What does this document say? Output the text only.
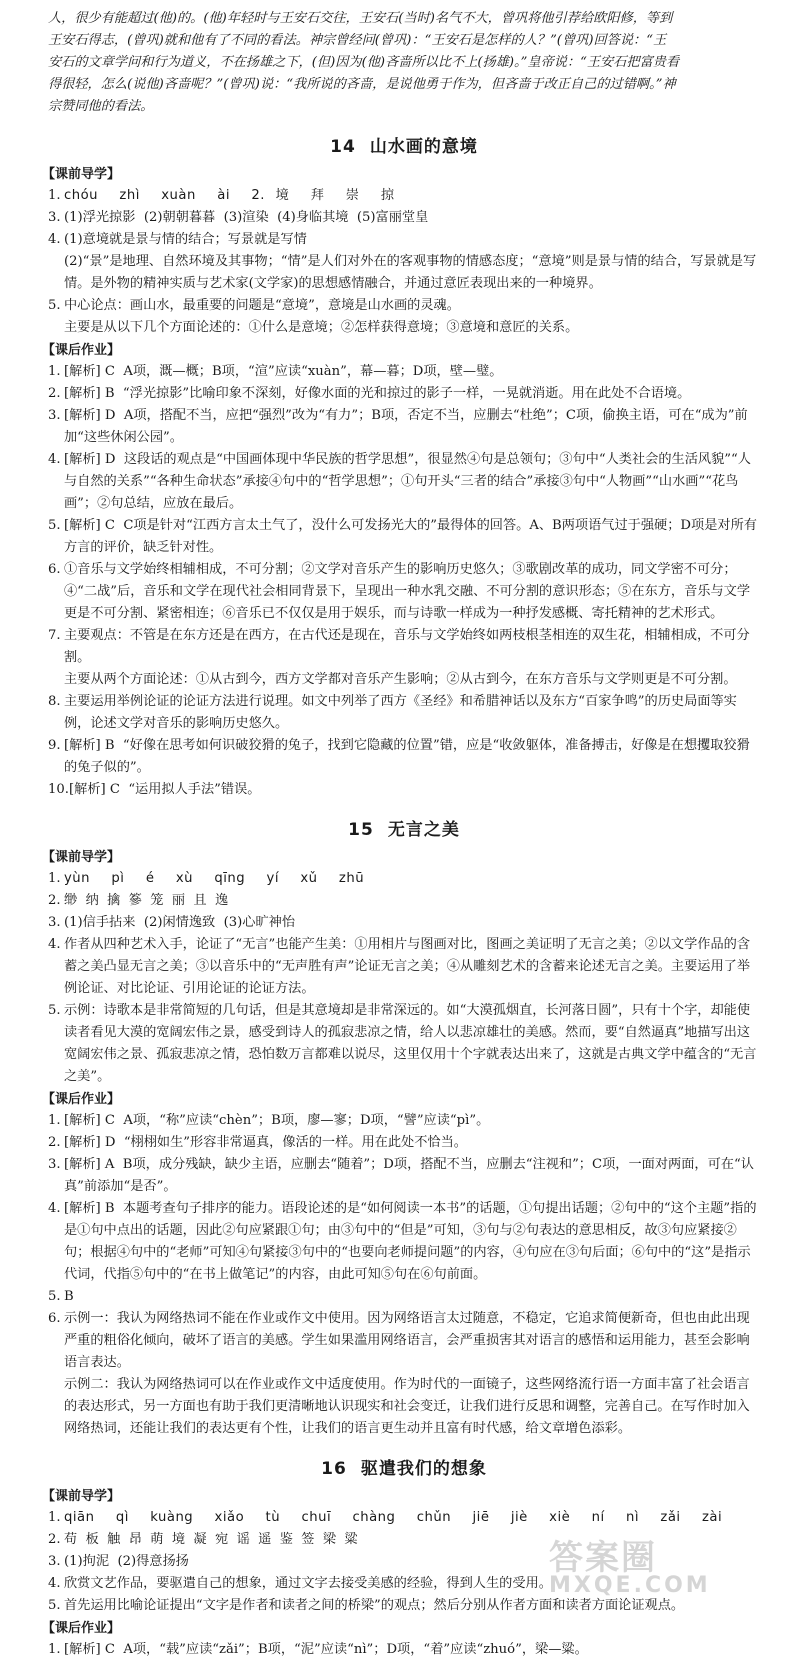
人，很少有能超过(他)的。(他)年轻时与王安石交往，王安石(当时)名气不大，曾巩将他引荐给欧阳修，等到

王安石得志，(曾巩)就和他有了不同的看法。神宗曾经问(曾巩)：“王安石是怎样的人？”(曾巩)回答说：“王

安石的文章学问和行为道义，不在扬雄之下，(但)因为(他)吝啬所以比不上(扬雄)。”皇帝说：“王安石把富贵看

得很轻，怎么(说他)吝啬呢？”(曾巩)说：“我所说的吝啬，是说他勇于作为，但吝啬于改正自己的过错啊。”神

宗赞同他的看法。

14 山水画的意境
【课前导学】
1. chóu  zhì  xuàn  ài  2. 境  拜  崇  掠
3. (1)浮光掠影  (2)朝朝暮暮  (3)渲染  (4)身临其境  (5)富丽堂皇
4. (1)意境就是景与情的结合；写景就是写情
(2)“景”是地理、自然环境及其事物；“情”是人们对外在的客观事物的情感态度；“意境”则是景与情的结合，写景就是写情。是外物的精神实质与艺术家(文学家)的思想感情融合，并通过意匠表现出来的一种境界。
5. 中心论点：画山水，最重要的问题是“意境”，意境是山水画的灵魂。
主要是从以下几个方面论述的：①什么是意境；②怎样获得意境；③意境和意匠的关系。
【课后作业】
1. [解析] C  A项，溉—概；B项，“渲”应读“xuàn”，幕—暮；D项，壁—璧。
2. [解析] B  “浮光掠影”比喻印象不深刻，好像水面的光和掠过的影子一样，一晃就消逝。用在此处不合语境。
3. [解析] D  A项，搭配不当，应把“强烈”改为“有力”；B项，否定不当，应删去“杜绝”；C项，偷换主语，可在“成为”前加“这些休闲公园”。
4. [解析] D  这段话的观点是“中国画体现中华民族的哲学思想”，很显然④句是总领句；③句中“人类社会的生活风貌”“人与自然的关系”“各种生命状态”承接④句中的“哲学思想”；①句开头“三者的结合”承接③句中“人物画”“山水画”“花鸟画”；②句总结，应放在最后。
5. [解析] C  C项是针对“江西方言太土气了，没什么可发扬光大的”最得体的回答。A、B两项语气过于强硬；D项是对所有方言的评价，缺乏针对性。
6. ①音乐与文学始终相辅相成，不可分割；②文学对音乐产生的影响历史悠久；③歌剧改革的成功，同文学密不可分；④“二战”后，音乐和文学在现代社会相同背景下，呈现出一种水乳交融、不可分割的意识形态；⑤在东方，音乐与文学更是不可分割、紧密相连；⑥音乐已不仅仅是用于娱乐，而与诗歌一样成为一种抒发感概、寄托精神的艺术形式。
7. 主要观点：不管是在东方还是在西方，在古代还是现在，音乐与文学始终如两枝根茎相连的双生花，相辅相成，不可分割。
主要从两个方面论述：①从古到今，西方文学都对音乐产生影响；②从古到今，在东方音乐与文学则更是不可分割。
8. 主要运用举例论证的论证方法进行说理。如文中列举了西方《圣经》和希腊神话以及东方“百家争鸣”的历史局面等实例，论述文学对音乐的影响历史悠久。
9. [解析] B  “好像在思考如何识破狡猾的兔子，找到它隐藏的位置”错，应是“收敛躯体，准备搏击，好像是在想攫取狡猾的兔子似的”。
10. [解析] C  “运用拟人手法”错误。
15 无言之美
【课前导学】
1. yùn  pì  é  xù  qīng  yí  xǔ  zhū
2. 缈  纳  擒  篸  笼  丽  且  逸
3. (1)信手拈来  (2)闲情逸致  (3)心旷神怡
4. 作者从四种艺术入手，论证了“无言”也能产生美：①用相片与图画对比，图画之美证明了无言之美；②以文学作品的含蓄之美凸显无言之美；③以音乐中的“无声胜有声”论证无言之美；④从雕刻艺术的含蓄来论述无言之美。主要运用了举例论证、对比论证、引用论证的论证方法。
5. 示例：诗歌本是非常简短的几句话，但是其意境却是非常深远的。如“大漠孤烟直，长河落日圆”，只有十个字，却能使读者看见大漠的宽阔宏伟之景，感受到诗人的孤寂悲凉之情，给人以悲凉雄壮的美感。然而，要“自然逼真”地描写出这宽阔宏伟之景、孤寂悲凉之情，恐怕数万言都难以说尽，这里仅用十个字就表达出来了，这就是古典文学中蕴含的“无言之美”。
【课后作业】
1. [解析] C  A项，“称”应读“chèn”；B项，廖—寥；D项，“譬”应读“pì”。
2. [解析] D  “栩栩如生”形容非常逼真，像活的一样。用在此处不恰当。
3. [解析] A  B项，成分残缺，缺少主语，应删去“随着”；D项，搭配不当，应删去“注视和”；C项，一面对两面，可在“认真”前添加“是否”。
4. [解析] B  本题考查句子排序的能力。语段论述的是“如何阅读一本书”的话题，①句提出话题；②句中的“这个主题”指的是①句中点出的话题，因此②句应紧跟①句；由③句中的“但是”可知，③句与②句表达的意思相反，故③句应紧接②句；根据④句中的“老师”可知④句紧接③句中的“也要向老师提问题”的内容，④句应在③句后面；⑥句中的“这”是指示代词，代指⑤句中的“在书上做笔记”的内容，由此可知⑤句在⑥句前面。
5. B
6. 示例一：我认为网络热词不能在作业或作文中使用。因为网络语言太过随意，不稳定，它追求简便新奇，但也由此出现严重的粗俗化倾向，破坏了语言的美感。学生如果滥用网络语言，会严重损害其对语言的感悟和运用能力，甚至会影响语言表达。
示例二：我认为网络热词可以在作业或作文中适度使用。作为时代的一面镜子，这些网络流行语一方面丰富了社会语言的表达形式，另一方面也有助于我们更清晰地认识现实和社会变迁，让我们进行反思和调整，完善自己。在写作时加入网络热词，还能让我们的表达更有个性，让我们的语言更生动并且富有时代感，给文章增色添彩。
16 驱遣我们的想象
【课前导学】
1. qiān  qì  kuàng  xiǎo  tù  chuī  chàng  chǔn  jiē  jiè  xiè  ní  nì  zǎi  zài
2. 苟  板  触  昂  萌  境  凝  宛  谣  遥  鉴  签  梁  粱
3. (1)拘泥  (2)得意扬扬
4. 欣赏文艺作品，要驱遣自己的想象，通过文字去接受美感的经验，得到人生的受用。
5. 首先运用比喻论证提出“文字是作者和读者之间的桥梁”的观点；然后分别从作者方面和读者方面论证观点。
【课后作业】
1. [解析] C  A项，“载”应读“zǎi”；B项，“泥”应读“nì”；D项，“着”应读“zhuó”，梁—粱。
答案圈
MXQE.COM
